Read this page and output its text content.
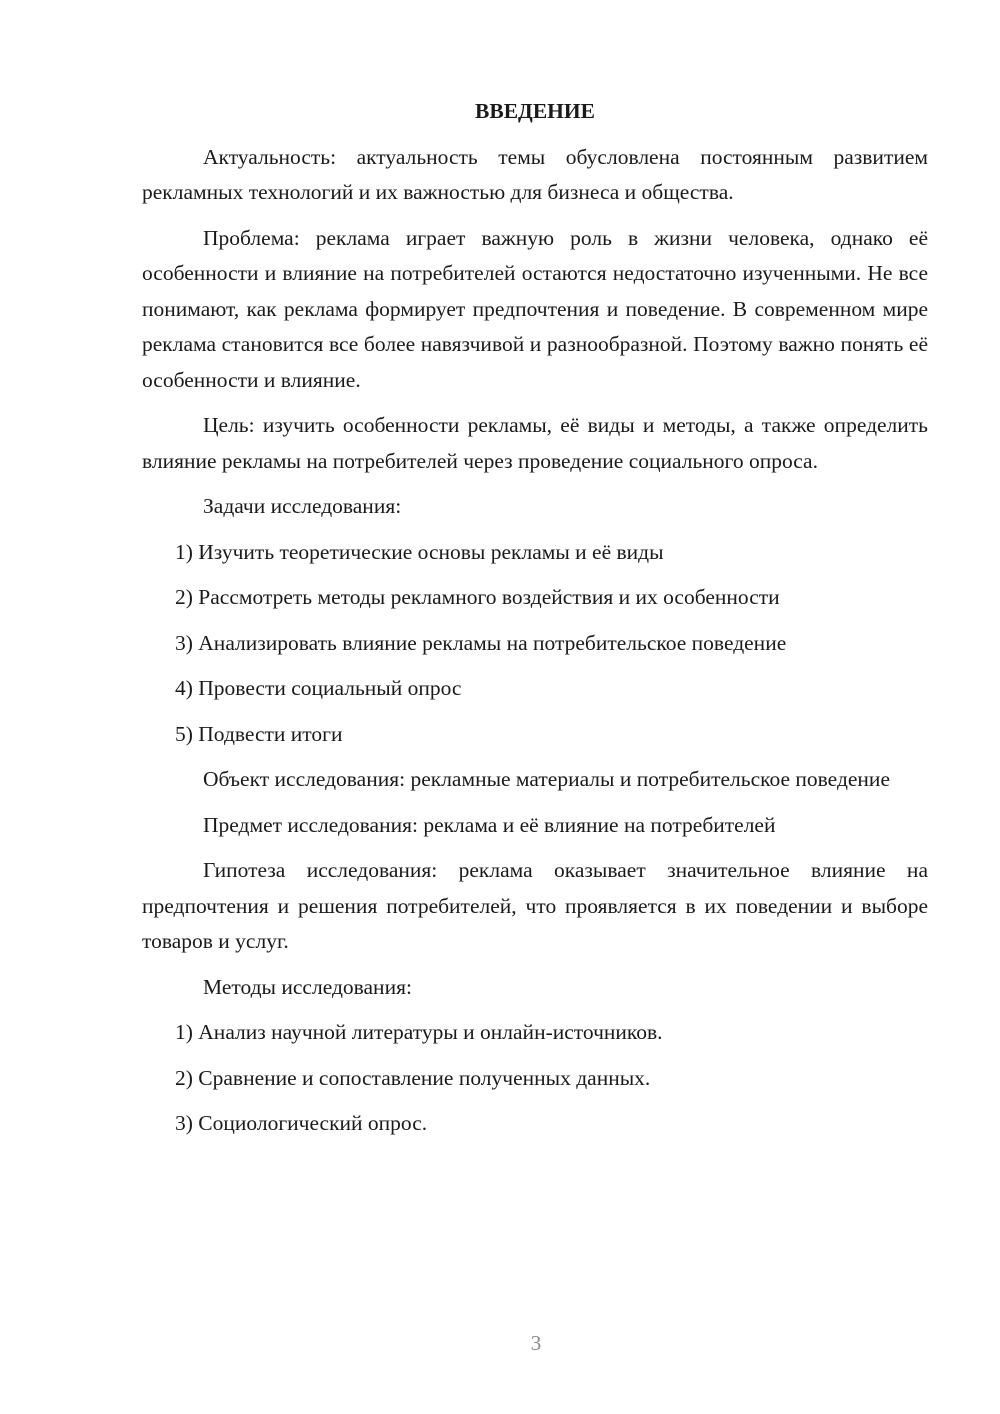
ВВЕДЕНИЕ

Актуальность: актуальность темы обусловлена постоянным развитием рекламных технологий и их важностью для бизнеса и общества.

Проблема: реклама играет важную роль в жизни человека, однако её особенности и влияние на потребителей остаются недостаточно изученными. Не все понимают, как реклама формирует предпочтения и поведение. В современном мире реклама становится все более навязчивой и разнообразной. Поэтому важно понять её особенности и влияние.

Цель: изучить особенности рекламы, её виды и методы, а также определить влияние рекламы на потребителей через проведение социального опроса.

Задачи исследования:

1) Изучить теоретические основы рекламы и её виды
2) Рассмотреть методы рекламного воздействия и их особенности
3) Анализировать влияние рекламы на потребительское поведение
4) Провести социальный опрос
5) Подвести итоги

Объект исследования: рекламные материалы и потребительское поведение

Предмет исследования: реклама и её влияние на потребителей

Гипотеза исследования: реклама оказывает значительное влияние на предпочтения и решения потребителей, что проявляется в их поведении и выборе товаров и услуг.

Методы исследования:

1) Анализ научной литературы и онлайн-источников.
2) Сравнение и сопоставление полученных данных.
3) Социологический опрос.
3
